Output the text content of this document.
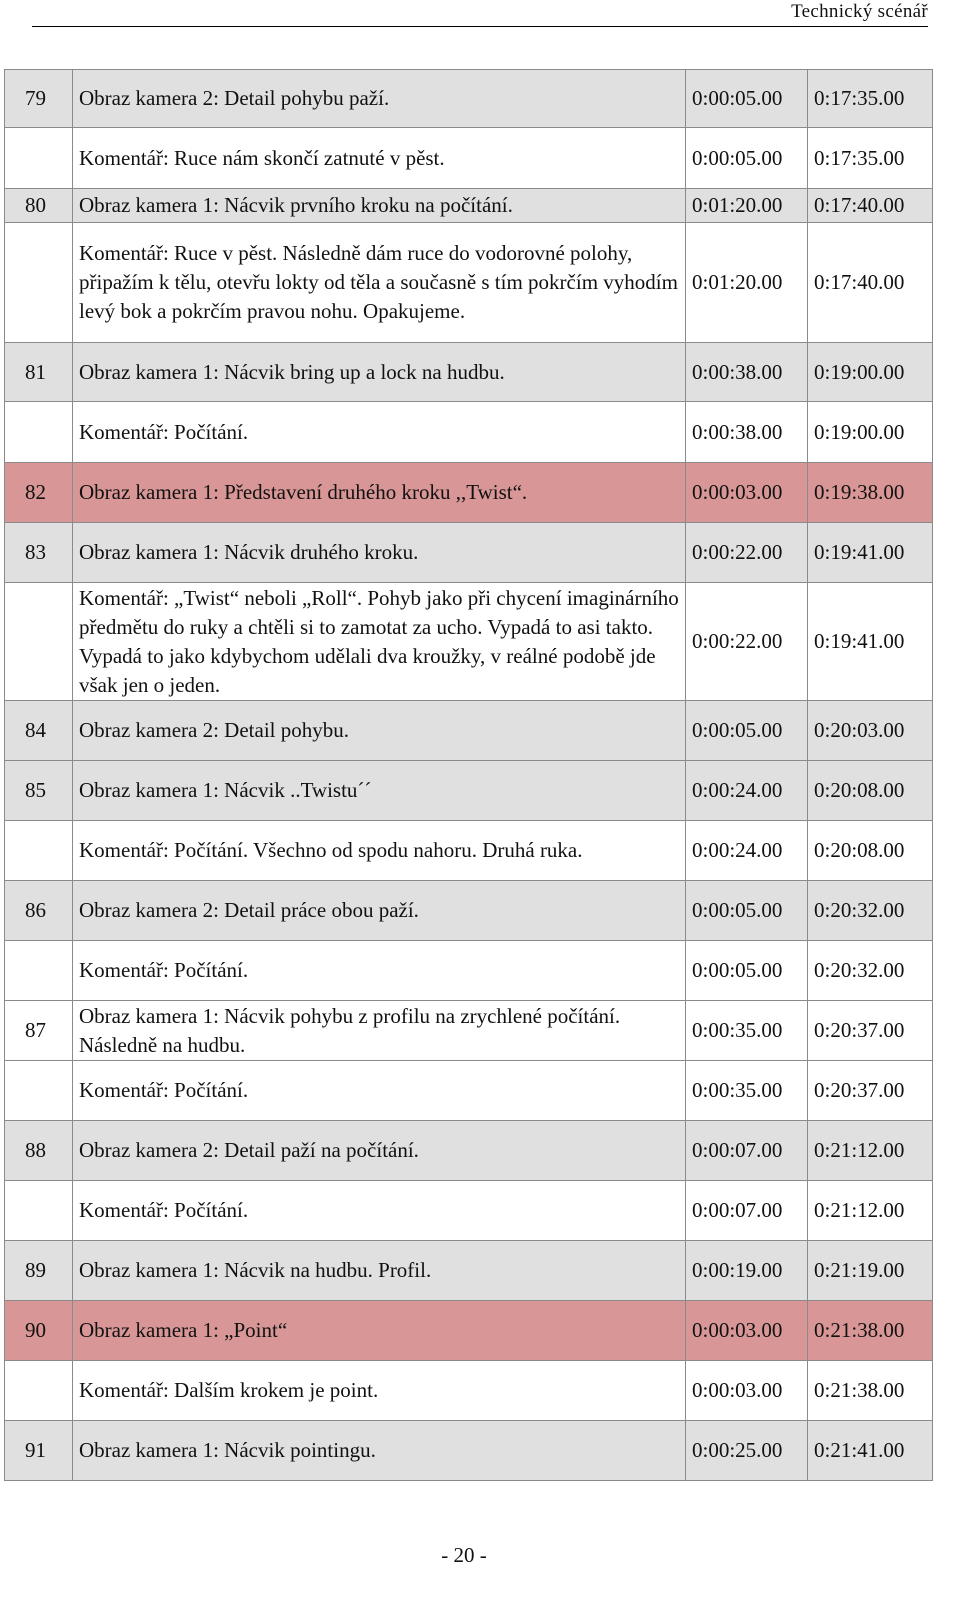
Technický scénář
79	Obraz kamera 2: Detail pohybu paží.	0:00:05.00	0:17:35.00
	Komentář: Ruce nám skončí zatnuté v pěst.	0:00:05.00	0:17:35.00
80	Obraz kamera 1: Nácvik prvního kroku na počítání.	0:01:20.00	0:17:40.00
	Komentář: Ruce v pěst. Následně dám ruce do vodorovné polohy, připažím k tělu, otevřu lokty od těla a současně s tím pokrčím vyhodím levý bok a pokrčím pravou nohu. Opakujeme.	0:01:20.00	0:17:40.00
81	Obraz kamera 1: Nácvik bring up a lock na hudbu.	0:00:38.00	0:19:00.00
	Komentář: Počítání.	0:00:38.00	0:19:00.00
82	Obraz kamera 1: Představení druhého kroku ,,Twist“.	0:00:03.00	0:19:38.00
83	Obraz kamera 1: Nácvik druhého kroku.	0:00:22.00	0:19:41.00
	Komentář: „Twist“ neboli „Roll“. Pohyb jako při chycení imaginárního předmětu do ruky a chtěli si to zamotat za ucho. Vypadá to asi takto. Vypadá to jako kdybychom udělali dva kroužky, v reálné podobě jde však jen o jeden.	0:00:22.00	0:19:41.00
84	Obraz kamera 2: Detail pohybu.	0:00:05.00	0:20:03.00
85	Obraz kamera 1: Nácvik ..Twistu´´	0:00:24.00	0:20:08.00
	Komentář: Počítání. Všechno od spodu nahoru. Druhá ruka.	0:00:24.00	0:20:08.00
86	Obraz kamera 2: Detail práce obou paží.	0:00:05.00	0:20:32.00
	Komentář: Počítání.	0:00:05.00	0:20:32.00
87	Obraz kamera 1: Nácvik pohybu z profilu na zrychlené počítání. Následně na hudbu.	0:00:35.00	0:20:37.00
	Komentář: Počítání.	0:00:35.00	0:20:37.00
88	Obraz kamera 2: Detail paží na počítání.	0:00:07.00	0:21:12.00
	Komentář: Počítání.	0:00:07.00	0:21:12.00
89	Obraz kamera 1: Nácvik na hudbu. Profil.	0:00:19.00	0:21:19.00
90	Obraz kamera 1: „Point“	0:00:03.00	0:21:38.00
	Komentář: Dalším krokem je point.	0:00:03.00	0:21:38.00
91	Obraz kamera 1: Nácvik pointingu.	0:00:25.00	0:21:41.00
- 20 -
